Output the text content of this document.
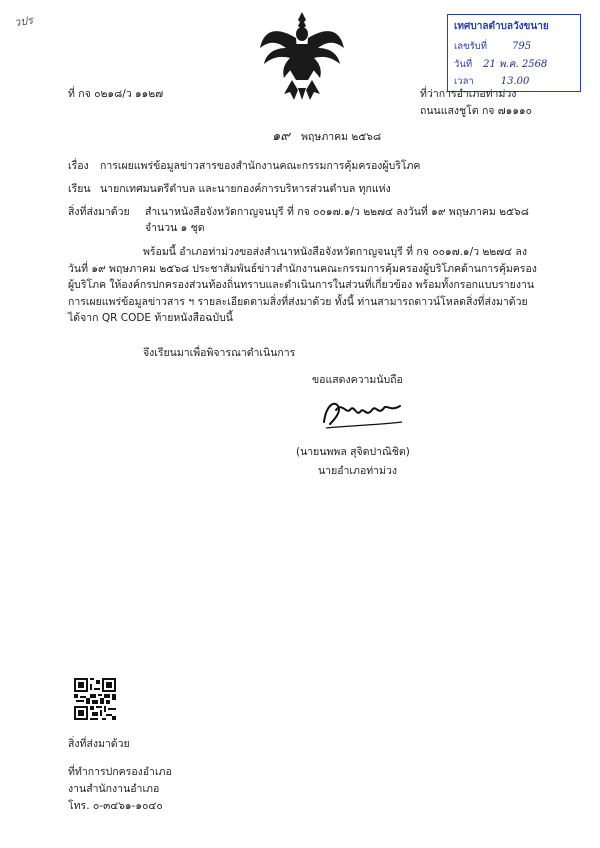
วปร	เทศบาลตำบลวังขนาย
เลขรับที่	795
วันที่ 21 พ.ค. 2568
เวลา	13.00
ที่ กจ ๐๒๑๘/ว ๑๑๒๗	ที่ว่าการอำเภอท่าม่วง
ถนนแสงชูโต กจ ๗๑๑๑๐
๑๙ พฤษภาคม ๒๕๖๘
เรื่อง การเผยแพร่ข้อมูลข่าวสารของสำนักงานคณะกรรมการคุ้มครองผู้บริโภค
เรียน นายกเทศมนตรีตำบล และนายกองค์การบริหารส่วนตำบล ทุกแห่ง
สิ่งที่ส่งมาด้วย สำเนาหนังสือจังหวัดกาญจนบุรี ที่ กจ ๐๐๑๗.๑/ว ๒๒๗๔ ลงวันที่ ๑๙ พฤษภาคม ๒๕๖๘
จำนวน ๑ ชุด
พร้อมนี้ อำเภอท่าม่วงขอส่งสำเนาหนังสือจังหวัดกาญจนบุรี ที่ กจ ๐๐๑๗.๑/ว ๒๒๗๔ ลงวันที่ ๑๙ พฤษภาคม ๒๕๖๘ ประชาสัมพันธ์ข่าวสำนักงานคณะกรรมการคุ้มครองผู้บริโภคด้านการคุ้มครองผู้บริโภค ให้องค์กรปกครองส่วนท้องถิ่นทราบและดำเนินการในส่วนที่เกี่ยวข้อง พร้อมทั้งกรอกแบบรายงานการเผยแพร่ข้อมูลข่าวสาร ฯ รายละเอียดตามสิ่งที่ส่งมาด้วย ทั้งนี้ ท่านสามารถดาวน์โหลดสิ่งที่ส่งมาด้วยได้จาก QR CODE ท้ายหนังสือฉบับนี้
จึงเรียนมาเพื่อพิจารณาดำเนินการ
ขอแสดงความนับถือ
(นายนพพล สุจิตปาณิชิต)
นายอำเภอท่าม่วง
สิ่งที่ส่งมาด้วย
ที่ทำการปกครองอำเภอ
งานสำนักงานอำเภอ
โทร. ๐-๓๔๖๑-๑๐๔๐
